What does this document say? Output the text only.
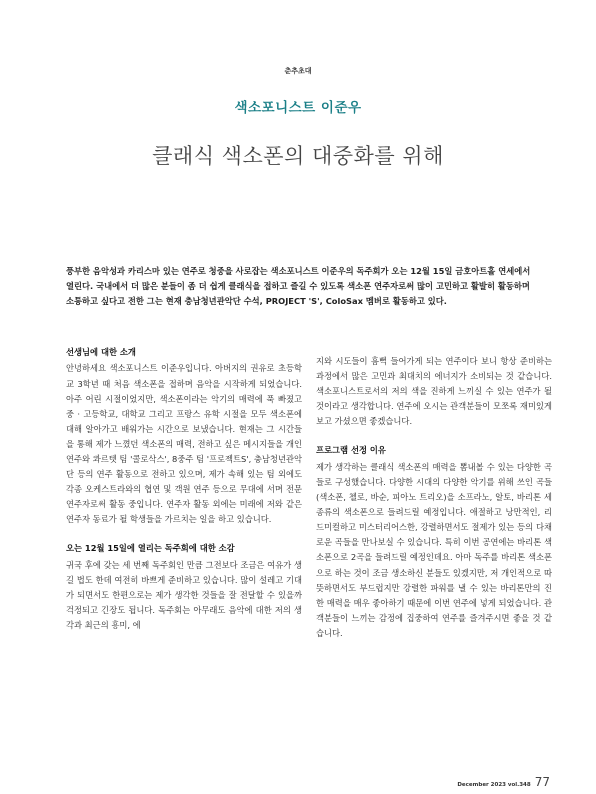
춘추초대
색소포니스트 이준우
클래식 색소폰의 대중화를 위해

풍부한 음악성과 카리스마 있는 연주로 청중을 사로잡는 색소포니스트 이준우의 독주회가 오는 12월 15일 금호아트홀 연세에서 열린다. 국내에서 더 많은 분들이 좀 더 쉽게 클래식을 접하고 즐길 수 있도록 색소폰 연주자로써 많이 고민하고 활발히 활동하며 소통하고 싶다고 전한 그는 현재 충남청년관악단 수석, PROJECT 'S', ColoSax 멤버로 활동하고 있다.

선생님에 대한 소개

안녕하세요 색소포니스트 이준우입니다. 아버지의 권유로 초등학교 3학년 때 처음 색소폰을 접하며 음악을 시작하게 되었습니다. 아주 어린 시절이었지만, 색소폰이라는 악기의 매력에 푹 빠졌고 중 · 고등학교, 대학교 그리고 프랑스 유학 시절을 모두 색소폰에 대해 알아가고 배워가는 시간으로 보냈습니다. 현재는 그 시간들을 통해 제가 느꼈던 색소폰의 매력, 전하고 싶은 메시지들을 개인 연주와 콰르텟 팀 '콜로삭스', 8중주 팀 '프로젝트S', 충남청년관악단 등의 연주 활동으로 전하고 있으며, 제가 속해 있는 팀 외에도 각종 오케스트라와의 협연 및 객원 연주 등으로 무대에 서며 전문 연주자로써 활동 중입니다. 연주자 활동 외에는 미래에 저와 같은 연주자 동료가 될 학생들을 가르치는 일을 하고 있습니다.

오는 12월 15일에 열리는 독주회에 대한 소감

귀국 후에 갖는 세 번째 독주회인 만큼 그전보다 조금은 여유가 생길 법도 한데 여전히 바쁘게 준비하고 있습니다. 많이 설레고 기대가 되면서도 한편으로는 제가 생각한 것들을 잘 전달할 수 있을까 걱정되고 긴장도 됩니다. 독주회는 아무래도 음악에 대한 저의 생각과 최근의 흥미, 에

지와 시도들이 흠뻑 들어가게 되는 연주이다 보니 항상 준비하는 과정에서 많은 고민과 최대치의 에너지가 소비되는 것 같습니다. 색소포니스트로서의 저의 색을 진하게 느끼실 수 있는 연주가 될 것이라고 생각합니다. 연주에 오시는 관객분들이 모쪼록 재미있게 보고 가셨으면 좋겠습니다.

프로그램 선정 이유

제가 생각하는 클래식 색소폰의 매력을 뽐내볼 수 있는 다양한 곡들로 구성했습니다. 다양한 시대의 다양한 악기를 위해 쓰인 곡들(색소폰, 첼로, 바순, 피아노 트리오)을 소프라노, 알토, 바리톤 세 종류의 색소폰으로 들려드릴 예정입니다. 애절하고 낭만적인, 리드미컬하고 미스터리어스한, 강렬하면서도 절제가 있는 등의 다채로운 곡들을 만나보실 수 있습니다. 특히 이번 공연에는 바리톤 색소폰으로 2곡을 들려드릴 예정인데요. 아마 독주를 바리톤 색소폰으로 하는 것이 조금 생소하신 분들도 있겠지만, 저 개인적으로 따뜻하면서도 부드럽지만 강렬한 파워를 낼 수 있는 바리톤만의 진한 매력을 매우 좋아하기 때문에 이번 연주에 넣게 되었습니다. 관객분들이 느끼는 감정에 집중하여 연주를 즐겨주시면 좋을 것 같습니다.

December 2023 vol.348 77
